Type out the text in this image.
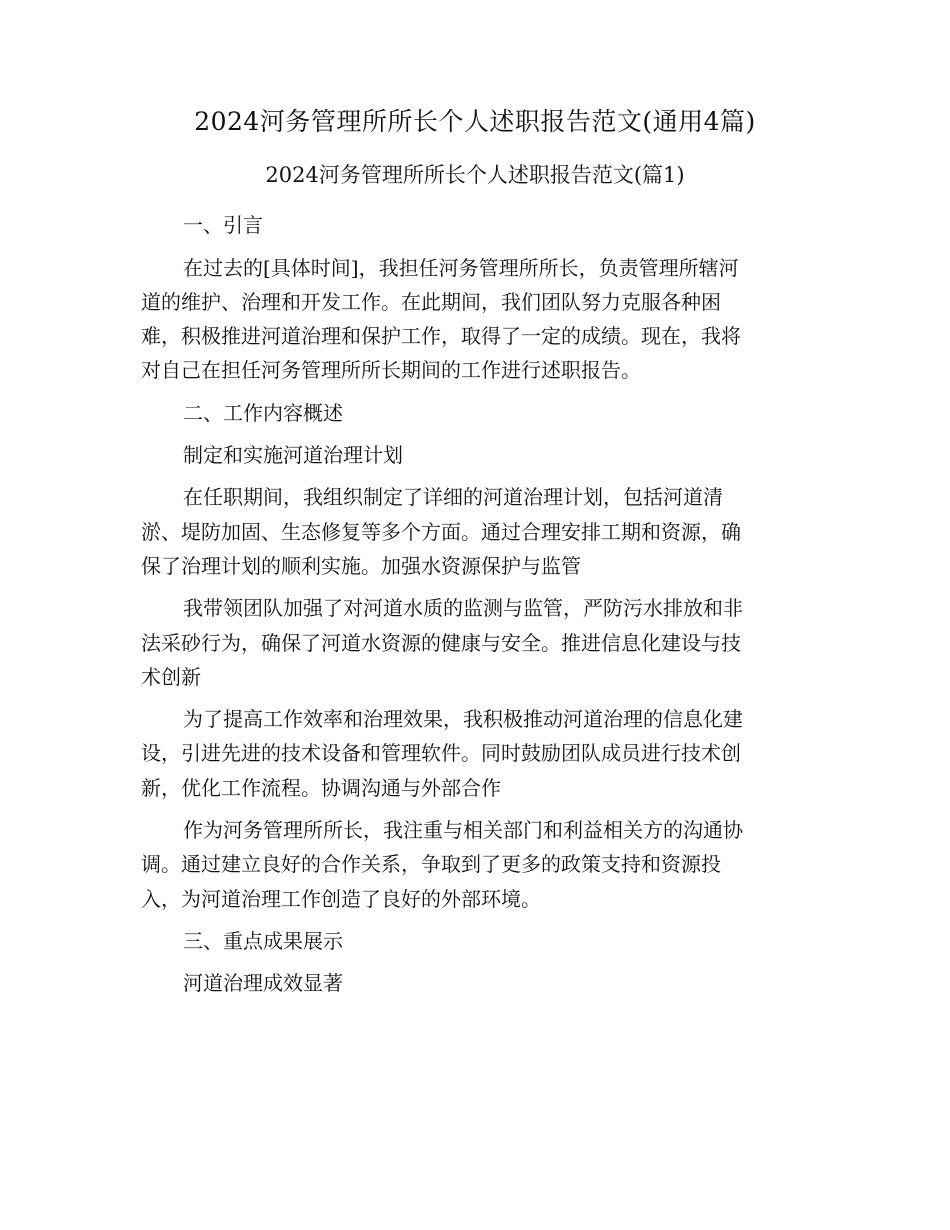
2024河务管理所所长个人述职报告范文(通用4篇)
2024河务管理所所长个人述职报告范文(篇1)
一、引言
在过去的[具体时间]，我担任河务管理所所长，负责管理所辖河
道的维护、治理和开发工作。在此期间，我们团队努力克服各种困
难，积极推进河道治理和保护工作，取得了一定的成绩。现在，我将
对自己在担任河务管理所所长期间的工作进行述职报告。
二、工作内容概述
制定和实施河道治理计划
在任职期间，我组织制定了详细的河道治理计划，包括河道清
淤、堤防加固、生态修复等多个方面。通过合理安排工期和资源，确
保了治理计划的顺利实施。加强水资源保护与监管
我带领团队加强了对河道水质的监测与监管，严防污水排放和非
法采砂行为，确保了河道水资源的健康与安全。推进信息化建设与技
术创新
为了提高工作效率和治理效果，我积极推动河道治理的信息化建
设，引进先进的技术设备和管理软件。同时鼓励团队成员进行技术创
新，优化工作流程。协调沟通与外部合作
作为河务管理所所长，我注重与相关部门和利益相关方的沟通协
调。通过建立良好的合作关系，争取到了更多的政策支持和资源投
入，为河道治理工作创造了良好的外部环境。
三、重点成果展示
河道治理成效显著
